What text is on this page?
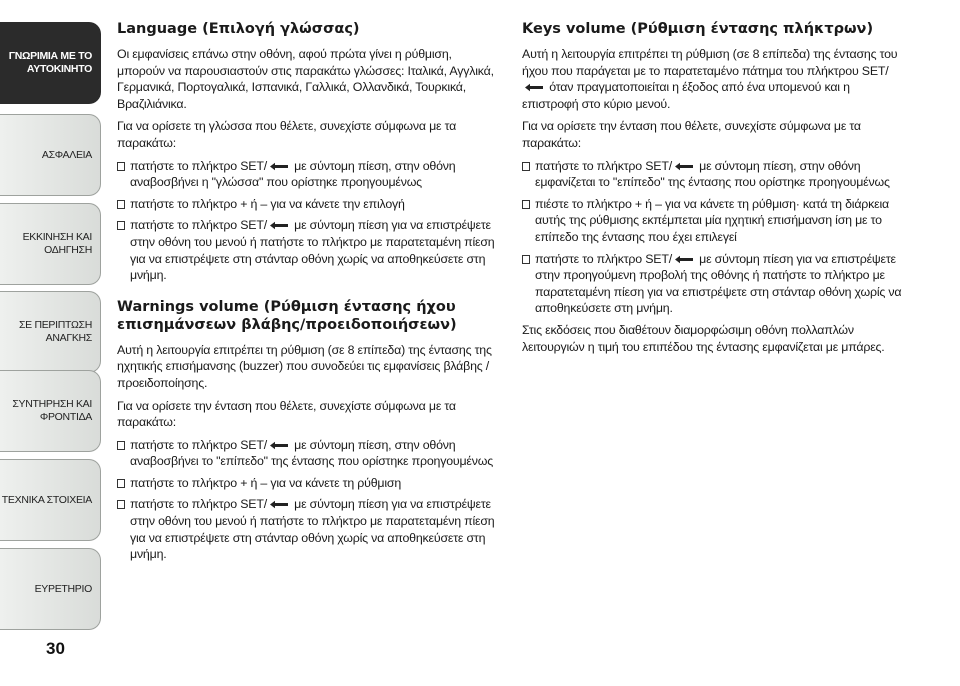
ΓΝΩΡΙΜΙΑ ΜΕ ΤΟ
ΑΥΤΟΚΙΝΗΤΟ
ΑΣΦΑΛΕΙΑ
ΕΚΚΙΝΗΣΗ ΚΑΙ
ΟΔΗΓΗΣΗ
ΣΕ ΠΕΡΙΠΤΩΣΗ
ΑΝΑΓΚΗΣ
ΣΥΝΤΗΡΗΣΗ ΚΑΙ
ΦΡΟΝΤΙΔΑ
ΤΕΧΝΙΚΑ ΣΤΟΙΧΕΙΑ
ΕΥΡΕΤΗΡΙΟ
30
Language (Επιλογή γλώσσας)

Οι εμφανίσεις επάνω στην οθόνη, αφού πρώτα γίνει η ρύθμιση, μπορούν να παρουσιαστούν στις παρακάτω γλώσσες: Ιταλικά, Αγγλικά, Γερμανικά, Πορτογαλικά, Ισπανικά, Γαλλικά, Ολλανδικά, Τουρκικά, Βραζιλιάνικα.

Για να ορίσετε τη γλώσσα που θέλετε, συνεχίστε σύμφωνα με τα παρακάτω:

πατήστε το πλήκτρο SET/
με σύντομη πίεση, στην οθόνη αναβοσβήνει η "γλώσσα" που ορίστηκε προηγουμένως
πατήστε το πλήκτρο + ή – για να κάνετε την επιλογή
πατήστε το πλήκτρο SET/
με σύντομη πίεση για να επιστρέψετε στην οθόνη του μενού ή πατήστε το πλήκτρο με παρατεταμένη πίεση για να επιστρέψετε στη στάνταρ οθόνη χωρίς να αποθηκεύσετε στη μνήμη.
Warnings volume (Ρύθμιση έντασης ήχου επισημάνσεων βλάβης/προειδοποιήσεων)

Αυτή η λειτουργία επιτρέπει τη ρύθμιση (σε 8 επίπεδα) της έντασης της ηχητικής επισήμανσης (buzzer) που συνοδεύει τις εμφανίσεις βλάβης / προειδοποίησης.

Για να ορίσετε την ένταση που θέλετε, συνεχίστε σύμφωνα με τα παρακάτω:

πατήστε το πλήκτρο SET/
με σύντομη πίεση, στην οθόνη αναβοσβήνει το "επίπεδο" της έντασης που ορίστηκε προηγουμένως
πατήστε το πλήκτρο + ή – για να κάνετε τη ρύθμιση
πατήστε το πλήκτρο SET/
με σύντομη πίεση για να επιστρέψετε στην οθόνη του μενού ή πατήστε το πλήκτρο με παρατεταμένη πίεση για να επιστρέψετε στη στάνταρ οθόνη χωρίς να αποθηκεύσετε στη μνήμη.
Keys volume (Ρύθμιση έντασης πλήκτρων)

Αυτή η λειτουργία επιτρέπει τη ρύθμιση (σε 8 επίπεδα) της έντασης του ήχου που παράγεται με το παρατεταμένο πάτημα του πλήκτρου SET/
όταν πραγματοποιείται η έξοδος από ένα υπομενού και η επιστροφή στο κύριο μενού.

Για να ορίσετε την ένταση που θέλετε, συνεχίστε σύμφωνα με τα παρακάτω:

πατήστε το πλήκτρο SET/
με σύντομη πίεση, στην οθόνη εμφανίζεται το "επίπεδο" της έντασης που ορίστηκε προηγουμένως
πιέστε το πλήκτρο + ή – για να κάνετε τη ρύθμιση· κατά τη διάρκεια αυτής της ρύθμισης εκπέμπεται μία ηχητική επισήμανση ίση με το επίπεδο της έντασης που έχει επιλεγεί
πατήστε το πλήκτρο SET/
με σύντομη πίεση για να επιστρέψετε στην προηγούμενη προβολή της οθόνης ή πατήστε το πλήκτρο με παρατεταμένη πίεση για να επιστρέψετε στη στάνταρ οθόνη χωρίς να αποθηκεύσετε στη μνήμη.

Στις εκδόσεις που διαθέτουν διαμορφώσιμη οθόνη πολλαπλών λειτουργιών η τιμή του επιπέδου της έντασης εμφανίζεται με μπάρες.
